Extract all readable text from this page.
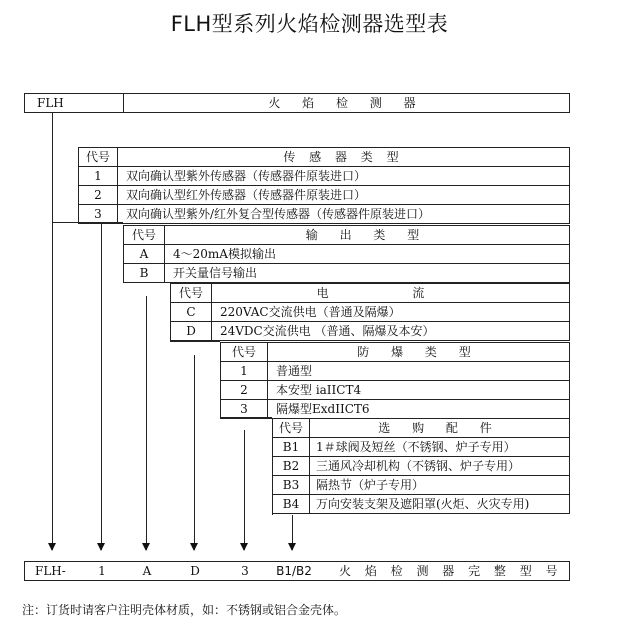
FLH型系列火焰检测器选型表
FLH	火 焰 检 测 器
代号	传 感 器 类 型
1	双向确认型紫外传感器（传感器件原装进口）
2	双向确认型红外传感器（传感器件原装进口）
3	双向确认型紫外/红外复合型传感器（传感器件原装进口）
代号	输 出 类 型
A	4～20mA模拟输出
B	开关量信号输出
代号	电 流
C	220VAC交流供电（普通及隔爆）
D	24VDC交流供电 （普通、隔爆及本安）
代号	防 爆 类 型
1	普通型
2	本安型 iaIICT4
3	隔爆型ExdIICT6
代号	选 购 配 件
B1	1＃球阀及短丝（不锈钢、炉子专用）
B2	三通风冷却机构（不锈钢、炉子专用）
B3	隔热节（炉子专用）
B4	万向安装支架及遮阳罩(火炬、火灾专用)
FLH-	1	A	D	3	B1/B2	火 焰 检 测 器 完 整 型 号
注：订货时请客户注明壳体材质，如：不锈钢或铝合金壳体。
